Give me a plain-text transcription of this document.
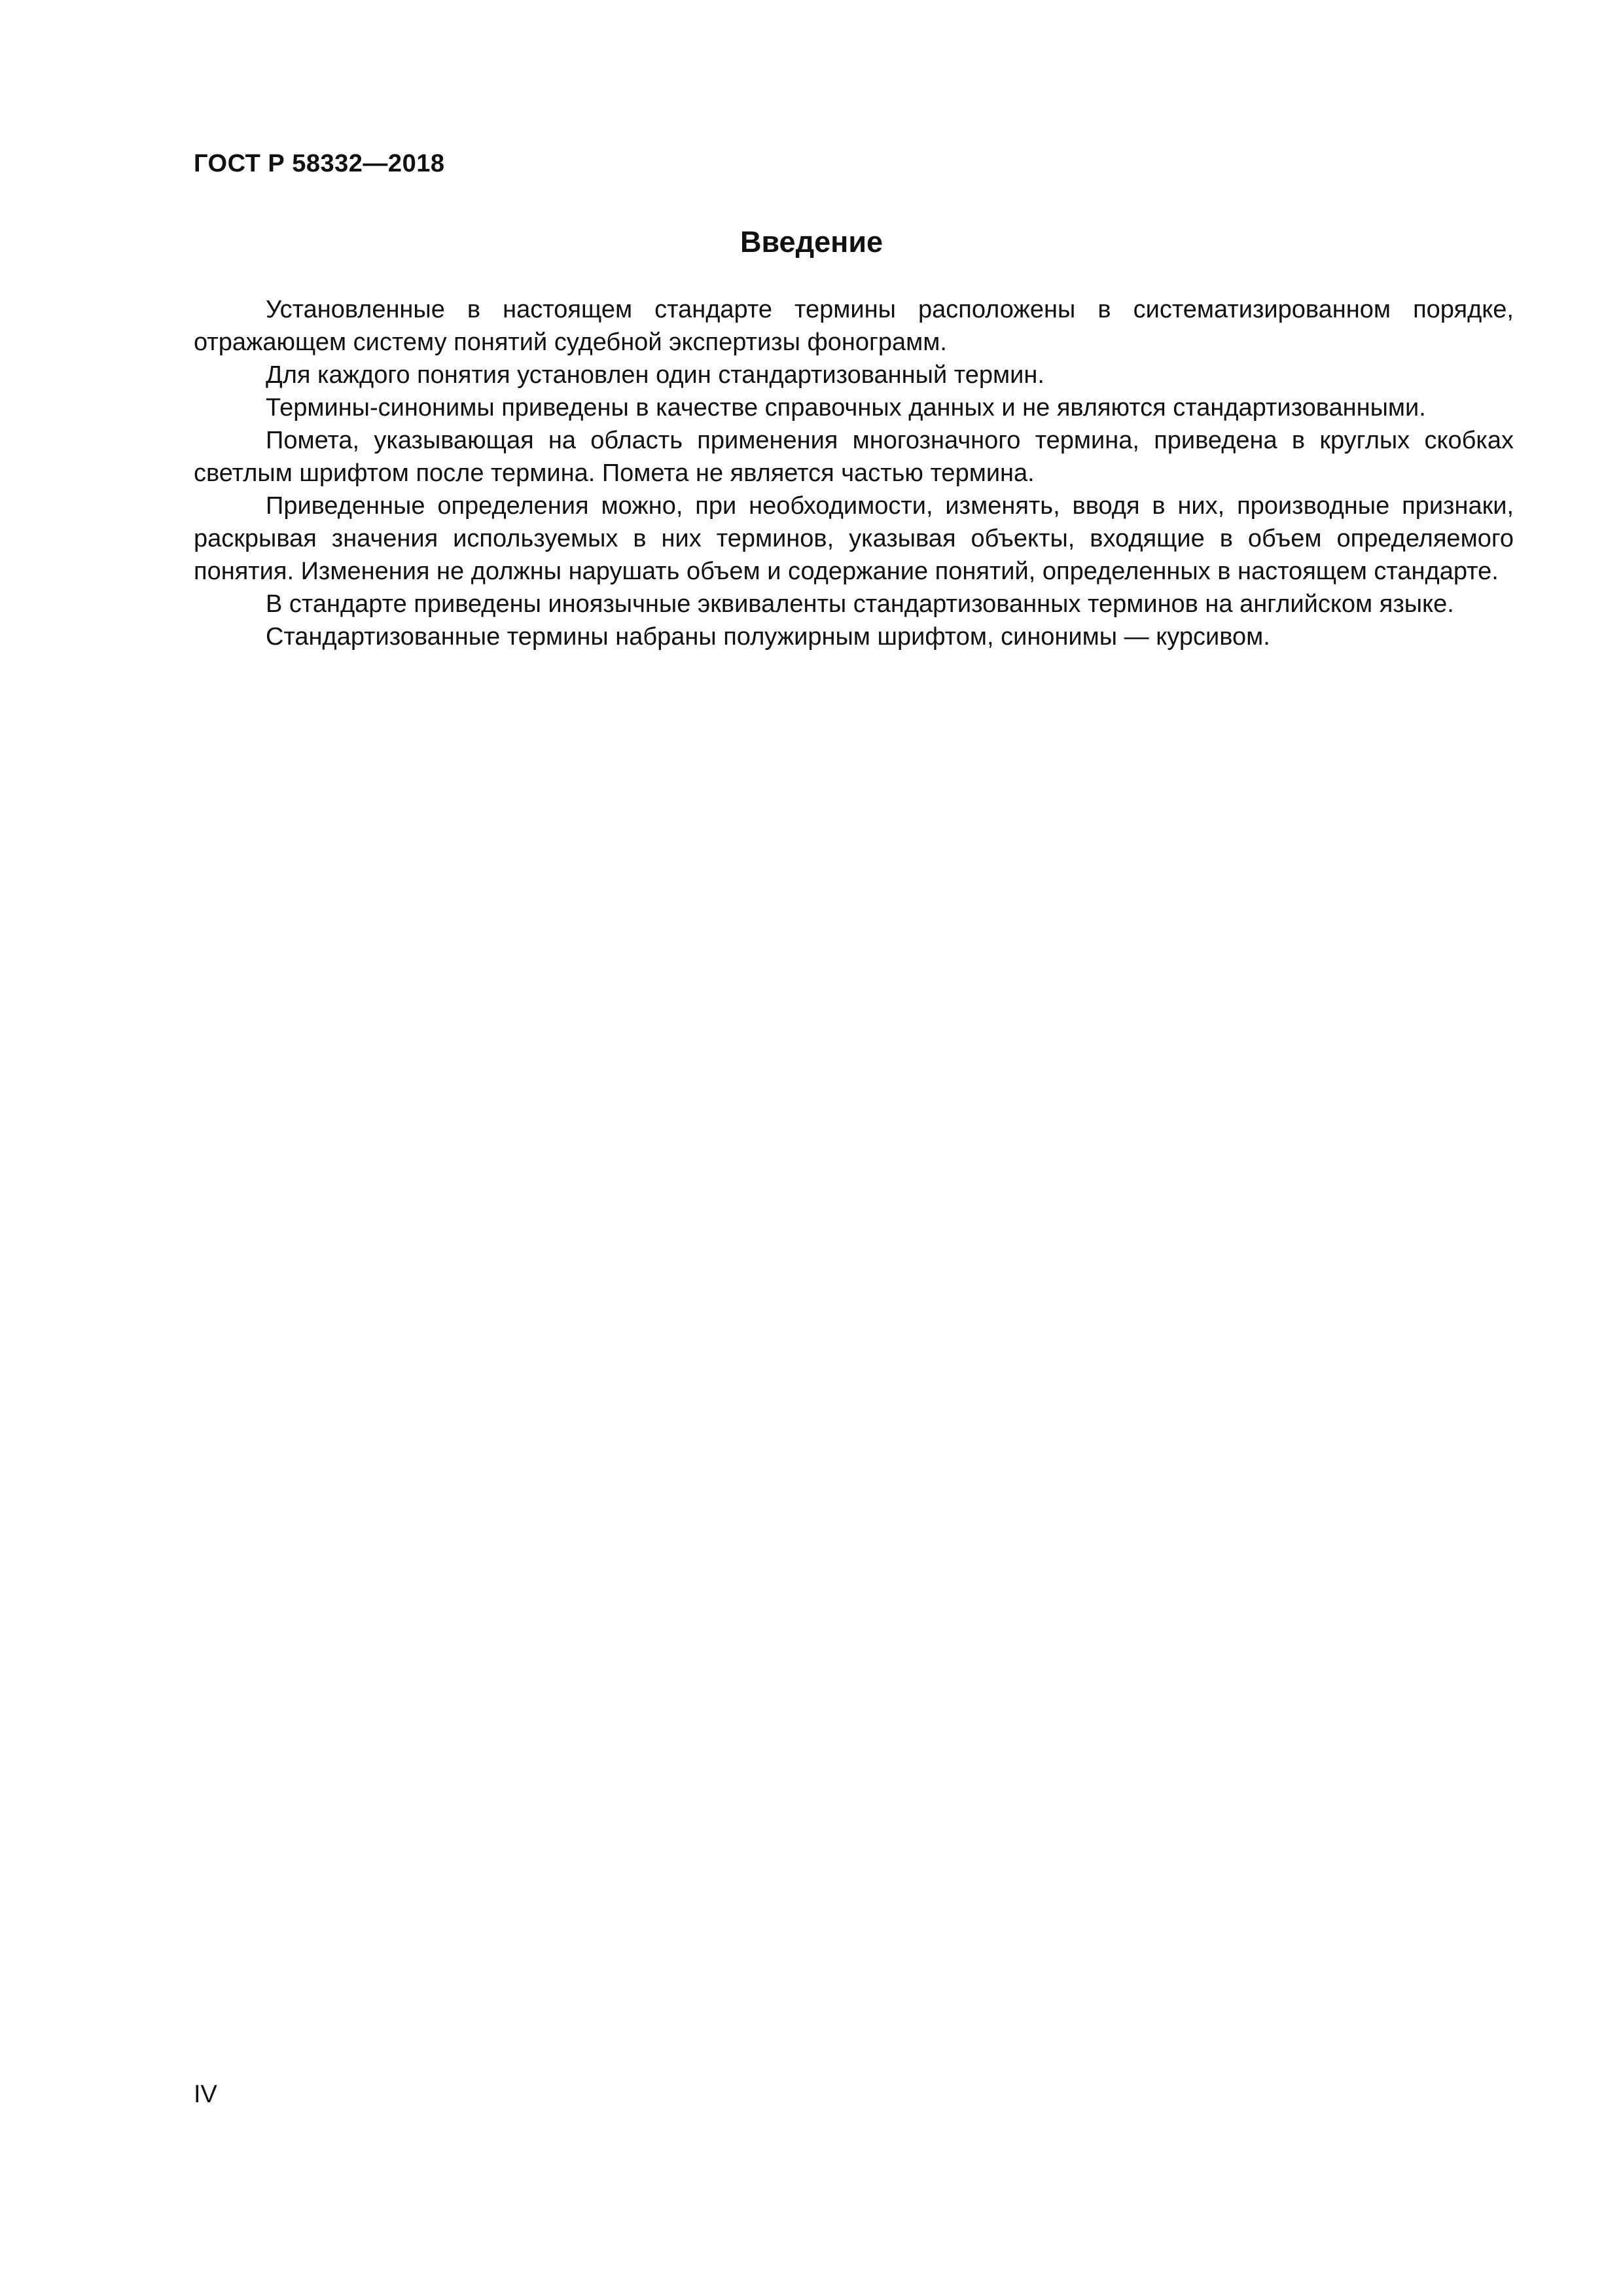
ГОСТ Р 58332—2018
Введение

Установленные в настоящем стандарте термины расположены в систематизированном порядке, отражающем систему понятий судебной экспертизы фонограмм.

Для каждого понятия установлен один стандартизованный термин.

Термины-синонимы приведены в качестве справочных данных и не являются стандартизованными.

Помета, указывающая на область применения многозначного термина, приведена в круглых скобках светлым шрифтом после термина. Помета не является частью термина.

Приведенные определения можно, при необходимости, изменять, вводя в них, производные признаки, раскрывая значения используемых в них терминов, указывая объекты, входящие в объем определяемого понятия. Изменения не должны нарушать объем и содержание понятий, определенных в настоящем стандарте.

В стандарте приведены иноязычные эквиваленты стандартизованных терминов на английском языке.

Стандартизованные термины набраны полужирным шрифтом, синонимы — курсивом.

IV
